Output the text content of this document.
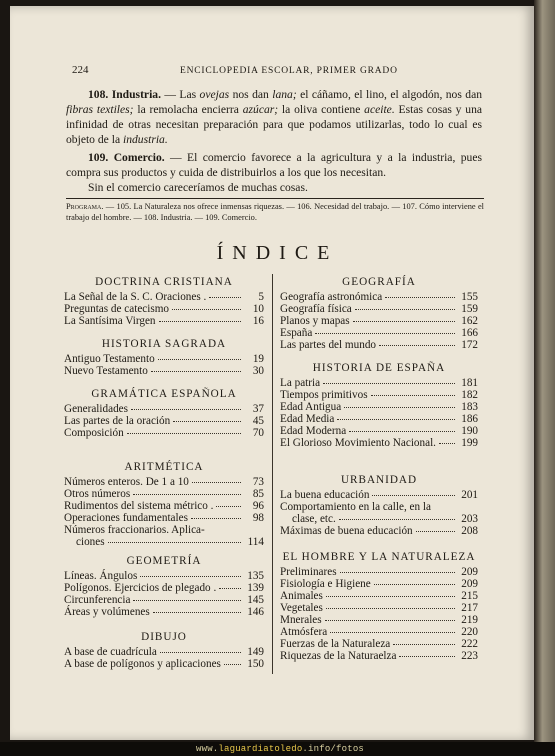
224	ENCICLOPEDIA ESCOLAR, PRIMER GRADO
108. Industria. — Las ovejas nos dan lana; el cáñamo, el lino, el algodón, nos dan fibras textiles; la remolacha encierra azúcar; la oliva contiene aceite. Estas cosas y una infinidad de otras necesitan preparación para que podamos utilizarlas, todo lo cual es objeto de la industria.
109. Comercio. — El comercio favorece a la agricultura y a la industria, pues compra sus productos y cuida de distribuirlos a los que los necesitan.
Sin el comercio careceríamos de muchas cosas.
Programa. — 105. La Naturaleza nos ofrece inmensas riquezas. — 106. Necesidad del trabajo. — 107. Cómo interviene el trabajo del hombre. — 108. Industria. — 109. Comercio.
ÍNDICE
DOCTRINA CRISTIANA
La Señal de la S. C. Oraciones .	5
Preguntas de catecismo	10
La Santísima Virgen	16
HISTORIA SAGRADA
Antiguo Testamento	19
Nuevo Testamento	30
GRAMÁTICA ESPAÑOLA
Generalidades	37
Las partes de la oración	45
Composición	70
ARITMÉTICA
Números enteros. De 1 a 10	73
Otros números	85
Rudimentos del sistema métrico .	96
Operaciones fundamentales	98
Números fraccionarios. Aplica-
ciones	114
GEOMETRÍA
Líneas. Ángulos	135
Polígonos. Ejercicios de plegado .	139
Circunferencia	145
Áreas y volúmenes	146
DIBUJO
A base de cuadrícula	149
A base de polígonos y aplicaciones 150
GEOGRAFÍA
Geografía astronómica	155
Geografía física	159
Planos y mapas	162
España	166
Las partes del mundo	172
HISTORIA DE ESPAÑA
La patria	181
Tiempos primitivos	182
Edad Antigua	183
Edad Media	186
Edad Moderna	190
El Glorioso Movimiento Nacional. 199
URBANIDAD
La buena educación	201
Comportamiento en la calle, en la
clase, etc.	203
Máximas de buena educación	208
EL HOMBRE Y LA NATURALEZA
Preliminares	209
Fisiología e Higiene	209
Animales	215
Vegetales	217
Mnerales	219
Atmósfera	220
Fuerzas de la Naturaleza	222
Riquezas de la Naturaelza	223
www.laguardiatoledo.info/fotos
